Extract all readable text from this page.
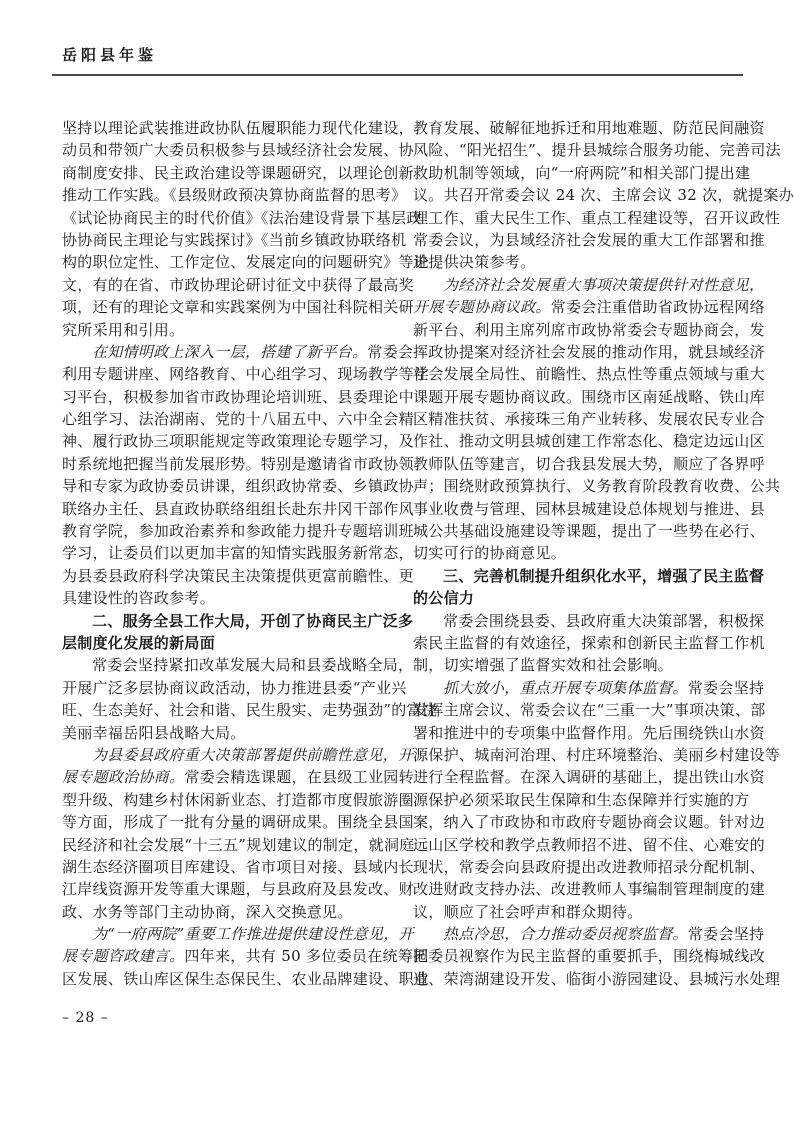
岳阳县年鉴
坚持以理论武装推进政协队伍履职能力现代化建设，
动员和带领广大委员积极参与县域经济社会发展、协
商制度安排、民主政治建设等课题研究，以理论创新
推动工作实践。《县级财政预决算协商监督的思考》
《试论协商民主的时代价值》《法治建设背景下基层政
协协商民主理论与实践探讨》《当前乡镇政协联络机
构的职位定性、工作定位、发展定向的问题研究》等论
文，有的在省、市政协理论研讨征文中获得了最高奖
项，还有的理论文章和实践案例为中国社科院相关研
究所采用和引用。
在知情明政上深入一层，搭建了新平台。常委会
利用专题讲座、网络教育、中心组学习、现场教学等学
习平台，积极参加省市政协理论培训班、县委理论中
心组学习、法治湖南、党的十八届五中、六中全会精
神、履行政协三项职能规定等政策理论专题学习，及
时系统地把握当前发展形势。特别是邀请省市政协领
导和专家为政协委员讲课，组织政协常委、乡镇政协
联络办主任、县直政协联络组组长赴东井冈干部作风
教育学院，参加政治素养和参政能力提升专题培训班
学习，让委员们以更加丰富的知情实践服务新常态，
为县委县政府科学决策民主决策提供更富前瞻性、更
具建设性的咨政参考。
二、服务全县工作大局，开创了协商民主广泛多
层制度化发展的新局面
常委会坚持紧扣改革发展大局和县委战略全局，
开展广泛多层协商议政活动，协力推进县委“产业兴
旺、生态美好、社会和谐、民生殷实、走势强劲”的富饶
美丽幸福岳阳县战略大局。
为县委县政府重大决策部署提供前瞻性意见，开
展专题政治协商。常委会精选课题，在县级工业园转
型升级、构建乡村休闲新业态、打造都市度假旅游圈
等方面，形成了一批有分量的调研成果。围绕全县国
民经济和社会发展“十三五”规划建议的制定，就洞庭
湖生态经济圈项目库建设、省市项目对接、县域内长
江岸线资源开发等重大课题，与县政府及县发改、财
政、水务等部门主动协商，深入交换意见。
为“一府两院”重要工作推进提供建设性意见，开
展专题咨政建言。四年来，共有 50 多位委员在统筹园
区发展、铁山库区保生态保民生、农业品牌建设、职业
教育发展、破解征地拆迁和用地难题、防范民间融资
风险、“阳光招生”、提升县城综合服务功能、完善司法
救助机制等领域，向“一府两院”和相关部门提出建
议。共召开常委会议 24 次、主席会议 32 次，就提案办
理工作、重大民生工作、重点工程建设等，召开议政性
常委会议，为县域经济社会发展的重大工作部署和推
进提供决策参考。
为经济社会发展重大事项决策提供针对性意见，
开展专题协商议政。常委会注重借助省政协远程网络
新平台、利用主席列席市政协常委会专题协商会，发
挥政协提案对经济社会发展的推动作用，就县域经济
社会发展全局性、前瞻性、热点性等重点领域与重大
课题开展专题协商议政。围绕市区南延战略、铁山库
区精准扶贫、承接珠三角产业转移、发展农民专业合
作社、推动文明县城创建工作常态化、稳定边远山区
教师队伍等建言，切合我县发展大势，顺应了各界呼
声；围绕财政预算执行、义务教育阶段教育收费、公共
事业收费与管理、园林县城建设总体规划与推进、县
城公共基础设施建设等课题，提出了一些势在必行、
切实可行的协商意见。
三、完善机制提升组织化水平，增强了民主监督
的公信力
常委会围绕县委、县政府重大决策部署，积极探
索民主监督的有效途径，探索和创新民主监督工作机
制，切实增强了监督实效和社会影响。
抓大放小，重点开展专项集体监督。常委会坚持
发挥主席会议、常委会议在“三重一大”事项决策、部
署和推进中的专项集中监督作用。先后围绕铁山水资
源保护、城南河治理、村庄环境整治、美丽乡村建设等
进行全程监督。在深入调研的基础上，提出铁山水资
源保护必须采取民生保障和生态保障并行实施的方
案，纳入了市政协和市政府专题协商会议题。针对边
远山区学校和教学点教师招不进、留不住、心难安的
现状，常委会向县政府提出改进教师招录分配机制、
改进财政支持办法、改进教师人事编制管理制度的建
议，顺应了社会呼声和群众期待。
热点冷思，合力推动委员视察监督。常委会坚持
把委员视察作为民主监督的重要抓手，围绕梅城线改
造、荣湾湖建设开发、临街小游园建设、县城污水处理
– 28 –
